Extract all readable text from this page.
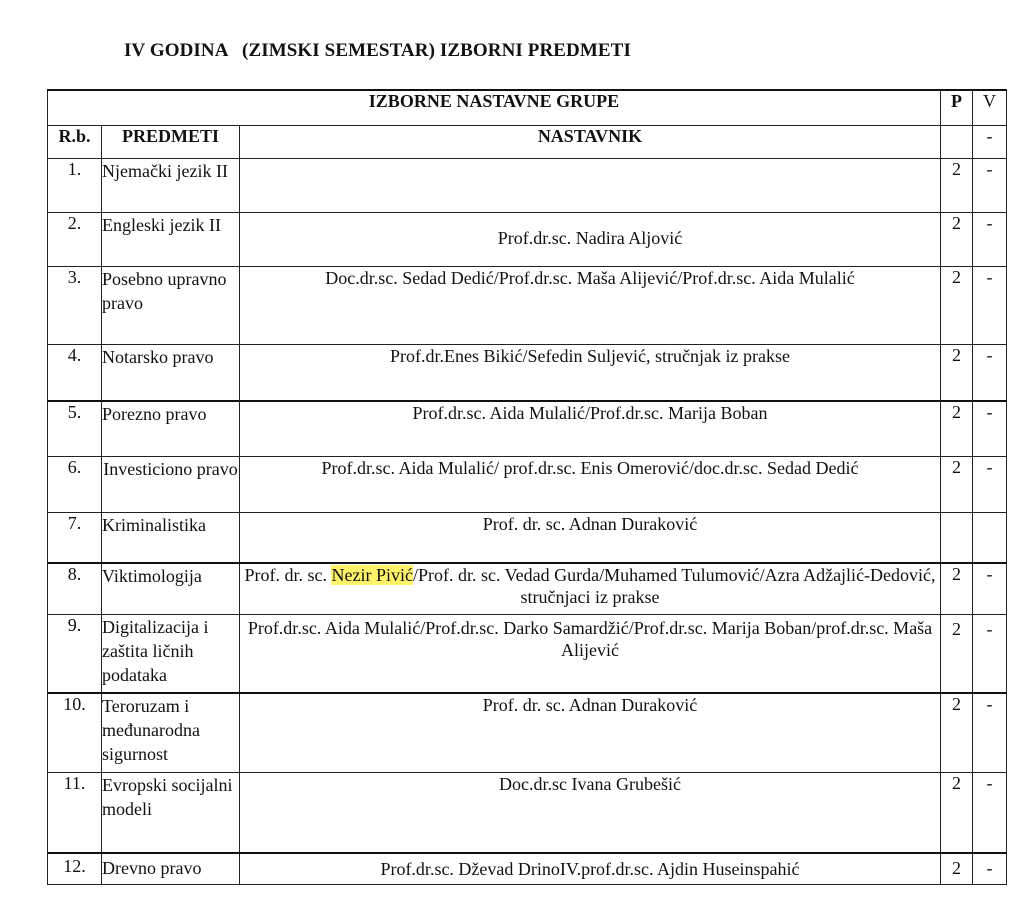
IV GODINA   (ZIMSKI SEMESTAR) IZBORNI PREDMETI
IZBORNE NASTAVNE GRUPE			P	V
R.b.	PREDMETI	NASTAVNIK		-
1.	Njemački jezik II		2	-
2.	Engleski jezik II	Prof.dr.sc. Nadira Aljović	2	-
3.	Posebno upravno pravo	Doc.dr.sc. Sedad Dedić/Prof.dr.sc. Maša Alijević/Prof.dr.sc. Aida Mulalić	2	-
4.	Notarsko pravo	Prof.dr.Enes Bikić/Sefedin Suljević, stručnjak iz prakse	2	-
5.	Porezno pravo	Prof.dr.sc. Aida Mulalić/Prof.dr.sc. Marija Boban	2	-
6.	Investiciono pravo	Prof.dr.sc. Aida Mulalić/ prof.dr.sc. Enis Omerović/doc.dr.sc. Sedad Dedić	2	-
7.	Kriminalistika	Prof. dr. sc. Adnan Duraković		
8.	Viktimologija	Prof. dr. sc. Nezir Pivić/Prof. dr. sc. Vedad Gurda/Muhamed Tulumović/Azra Adžajlić-Dedović, stručnjaci iz prakse	2	-
9.	Digitalizacija i zaštita ličnih podataka	Prof.dr.sc. Aida Mulalić/Prof.dr.sc. Darko Samardžić/Prof.dr.sc. Marija Boban/prof.dr.sc. Maša Alijević	2	-
10.	Teroruzam i međunarodna sigurnost	Prof. dr. sc. Adnan Duraković	2	-
11.	Evropski socijalni modeli	Doc.dr.sc Ivana Grubešić	2	-
12.	Drevno pravo	Prof.dr.sc. Dževad DrinoIV.prof.dr.sc. Ajdin Huseinspahić	2	-
